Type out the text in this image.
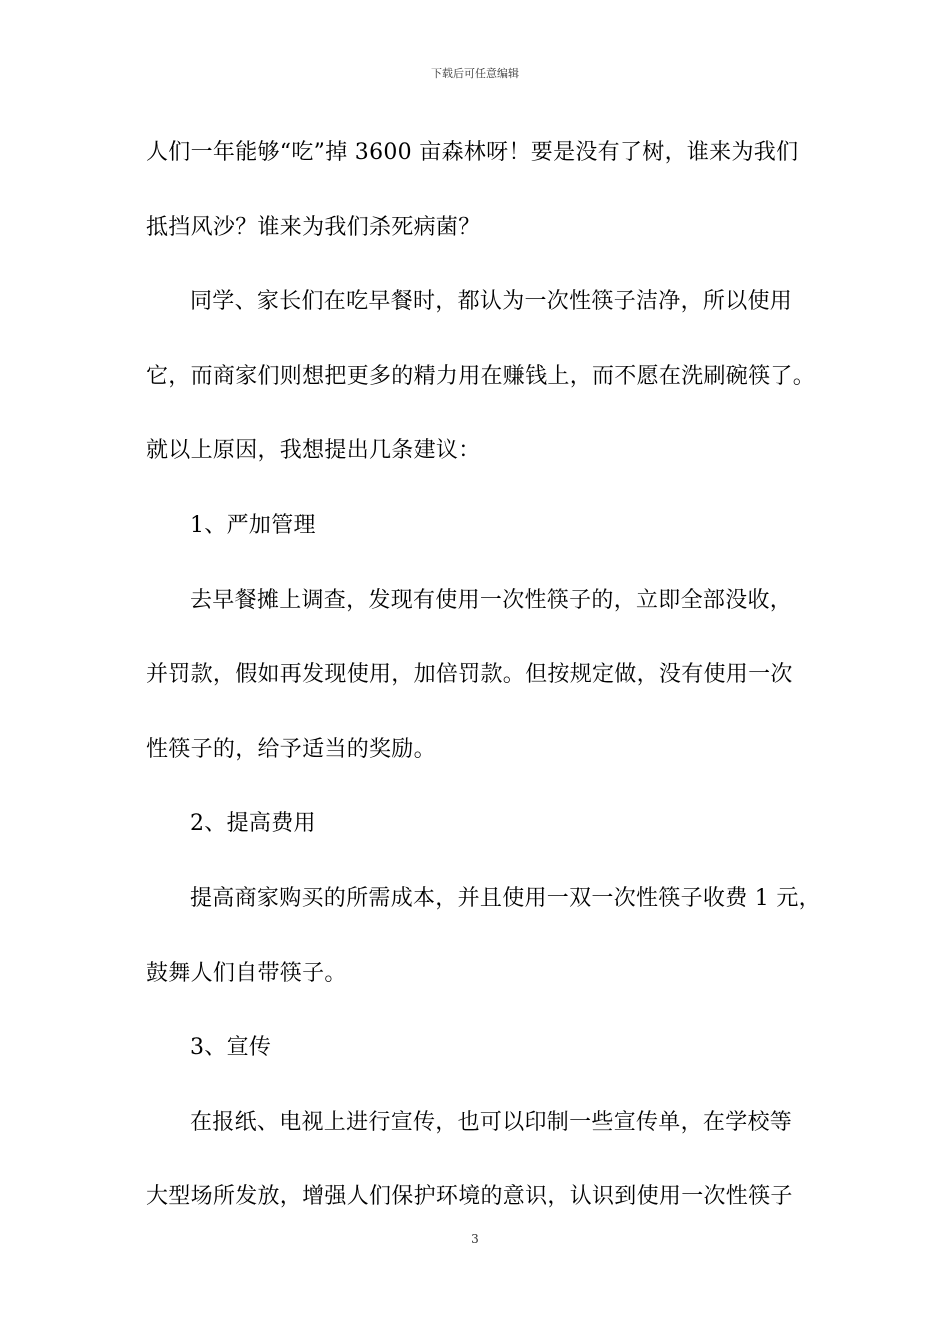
下载后可任意编辑
人们一年能够“吃”掉 3600 亩森林呀！要是没有了树，谁来为我们
抵挡风沙？谁来为我们杀死病菌？
同学、家长们在吃早餐时，都认为一次性筷子洁净，所以使用
它，而商家们则想把更多的精力用在赚钱上，而不愿在洗刷碗筷了。
就以上原因，我想提出几条建议：
1、严加管理
去早餐摊上调查，发现有使用一次性筷子的，立即全部没收，
并罚款，假如再发现使用，加倍罚款。但按规定做，没有使用一次
性筷子的，给予适当的奖励。
2、提高费用
提高商家购买的所需成本，并且使用一双一次性筷子收费 1 元，
鼓舞人们自带筷子。
3、宣传
在报纸、电视上进行宣传，也可以印制一些宣传单，在学校等
大型场所发放，增强人们保护环境的意识，认识到使用一次性筷子
3
